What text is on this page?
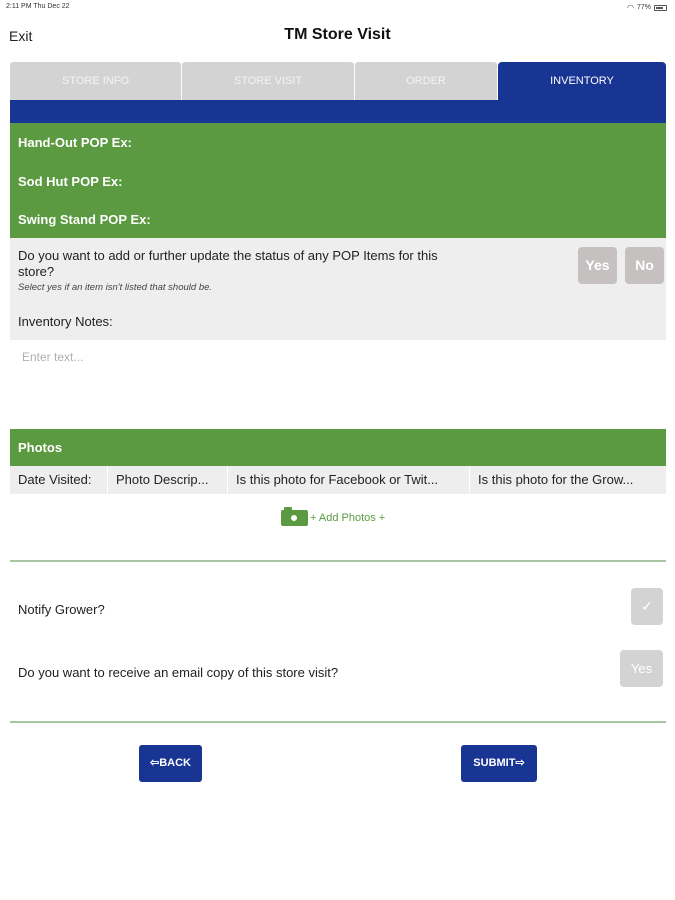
2:11 PM Thu Dec 22	◠ 77%
Exit	TM Store Visit
STORE INFO	STORE VISIT	ORDER	INVENTORY
Hand-Out POP Ex:
Sod Hut POP Ex:
Swing Stand POP Ex:
Do you want to add or further update the status of any POP Items for this store?
Select yes if an item isn't listed that should be.
Yes	No
Inventory Notes:
Enter text...
Photos
Date Visited:	Photo Descrip...	Is this photo for Facebook or Twit...	Is this photo for the Grow...
+ Add Photos +
Notify Grower?	✓
Do you want to receive an email copy of this store visit?	Yes
⇦BACK	SUBMIT⇨
